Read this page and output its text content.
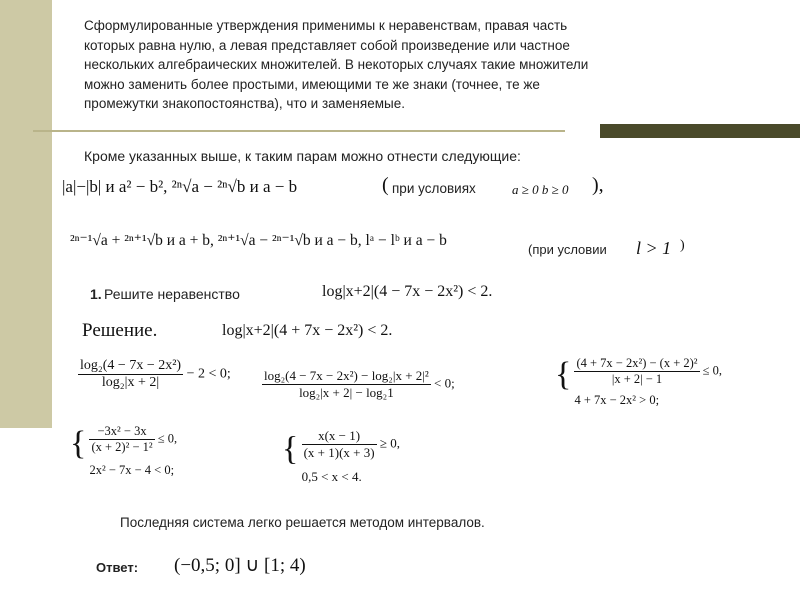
Сформулированные утверждения применимы к неравенствам, правая часть
которых равна нулю, а левая представляет собой произведение или частное
нескольких алгебраических множителей. В некоторых случаях такие множители
можно заменить более простыми, имеющими те же знаки (точнее, те же
промежутки знакопостоянства), что и заменяемые.
Кроме указанных выше, к таким парам можно отнести следующие:
|a|−|b| и a² − b², ²ⁿ√a − ²ⁿ√b и a − b	( при условиях	a ≥ 0 b ≥ 0 ),
²ⁿ⁻¹√a + ²ⁿ⁺¹√b и a + b, ²ⁿ⁺¹√a − ²ⁿ⁻¹√b и a − b, lᵃ − lᵇ и a − b
(при условии l > 1 )
1. Решите неравенство	log|x+2|(4 − 7x − 2x²) < 2.
Решение.	log|x+2|(4 + 7x − 2x²) < 2.
$\frac{\text{log₂(4 − 7x − 2x²)}}{\text{log₂|x + 2|}} - 2 < 0$; $\frac{\text{log₂(4 − 7x − 2x²) − log₂|x + 2|²}}{\text{log₂|x + 2| − log₂1}} < 0$;	{ $\frac{\text{(4 + 7x − 2x²) − (x + 2)²}}{|x + 2| - 1} \le 0$,
4 + 7x − 2x² > 0;
{ $\frac{\text{−3x² − 3x}}{\text{(x + 2)² − 1²}} \le 0$,
2x² − 7x − 4 < 0;
{ $\frac{x(x - 1)}{(x + 1)(x + 3)} \ge 0$,
0,5 < x < 4.
Последняя система легко решается методом интервалов.
Ответ: (−0,5; 0] ∪ [1; 4)
